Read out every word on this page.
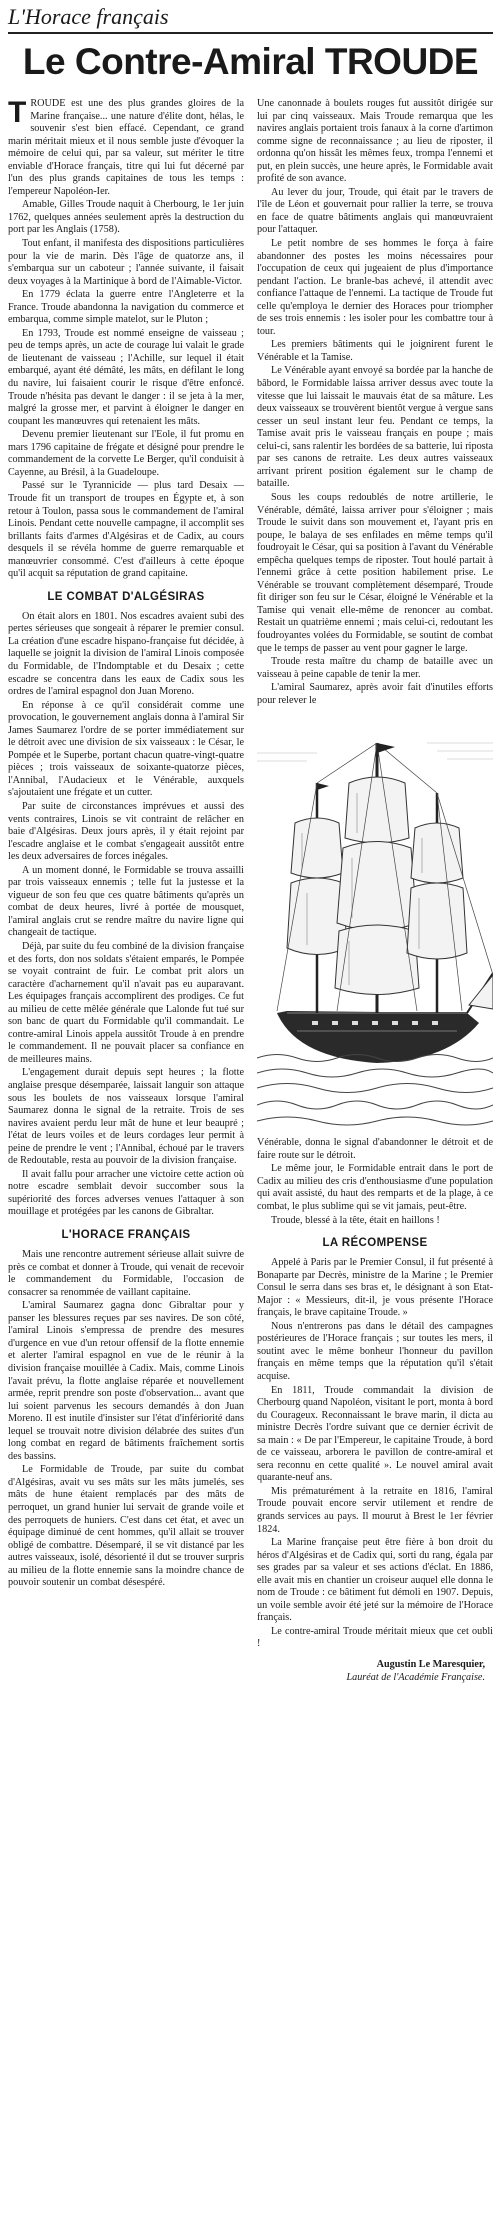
L'Horace français
Le Contre-Amiral TROUDE

TROUDE est une des plus grandes gloires de la Marine française... une nature d'élite dont, hélas, le souvenir s'est bien effacé. Cependant, ce grand marin méritait mieux et il nous semble juste d'évoquer la mémoire de celui qui, par sa valeur, sut mériter le titre enviable d'Horace français, titre qui lui fut décerné par l'un des plus grands capitaines de tous les temps : l'empereur Napoléon-Ier.

Amable, Gilles Troude naquit à Cherbourg, le 1er juin 1762, quelques années seulement après la destruction du port par les Anglais (1758).

Tout enfant, il manifesta des dispositions particulières pour la vie de marin. Dès l'âge de quatorze ans, il s'embarqua sur un caboteur ; l'année suivante, il faisait deux voyages à la Martinique à bord de l'Aimable-Victor.

En 1779 éclata la guerre entre l'Angleterre et la France. Troude abandonna la navigation du commerce et embarqua, comme simple matelot, sur le Pluton ;

En 1793, Troude est nommé enseigne de vaisseau ; peu de temps après, un acte de courage lui valait le grade de lieutenant de vaisseau ; l'Achille, sur lequel il était embarqué, ayant été démâté, les mâts, en défilant le long du navire, lui faisaient courir le risque d'être enfoncé. Troude n'hésita pas devant le danger : il se jeta à la mer, malgré la grosse mer, et parvint à éloigner le danger en coupant les manœuvres qui retenaient les mâts.

Devenu premier lieutenant sur l'Eole, il fut promu en mars 1796 capitaine de frégate et désigné pour prendre le commandement de la corvette Le Berger, qu'il conduisit à Cayenne, au Brésil, à la Guadeloupe.

Passé sur le Tyrannicide — plus tard Desaix — Troude fit un transport de troupes en Égypte et, à son retour à Toulon, passa sous le commandement de l'amiral Linois. Pendant cette nouvelle campagne, il accomplit ses brillants faits d'armes d'Algésiras et de Cadix, au cours desquels il se révéla homme de guerre remarquable et manœuvrier consommé. C'est d'ailleurs à cette époque qu'il acquit sa réputation de grand capitaine.

LE COMBAT D'ALGÉSIRAS

On était alors en 1801. Nos escadres avaient subi des pertes sérieuses que songeait à réparer le premier consul. La création d'une escadre hispano-française fut décidée, à laquelle se joignit la division de l'amiral Linois composée du Formidable, de l'Indomptable et du Desaix ; cette escadre se concentra dans les eaux de Cadix sous les ordres de l'amiral espagnol don Juan Moreno.

En réponse à ce qu'il considérait comme une provocation, le gouvernement anglais donna à l'amiral Sir James Saumarez l'ordre de se porter immédiatement sur le détroit avec une division de six vaisseaux : le César, le Pompée et le Superbe, portant chacun quatre-vingt-quatre pièces ; trois vaisseaux de soixante-quatorze pièces, l'Annibal, l'Audacieux et le Vénérable, auxquels s'ajoutaient une frégate et un cutter.

Par suite de circonstances imprévues et aussi des vents contraires, Linois se vit contraint de relâcher en baie d'Algésiras. Deux jours après, il y était rejoint par l'escadre anglaise et le combat s'engageait aussitôt entre les deux adversaires de forces inégales.

A un moment donné, le Formidable se trouva assailli par trois vaisseaux ennemis ; telle fut la justesse et la vigueur de son feu que ces quatre bâtiments qu'après un combat de deux heures, livré à portée de mousquet, l'amiral anglais crut se rendre maître du navire ligne qui changeait de tactique.

Déjà, par suite du feu combiné de la division française et des forts, don nos soldats s'étaient emparés, le Pompée se voyait contraint de fuir. Le combat prit alors un caractère d'acharnement qu'il n'avait pas eu auparavant. Les équipages français accomplirent des prodiges. Ce fut au milieu de cette mêlée générale que Lalonde fut tué sur son banc de quart du Formidable qu'il commandait. Le contre-amiral Linois appela aussitôt Troude à en prendre le commandement. Il ne pouvait placer sa confiance en de meilleures mains.

L'engagement durait depuis sept heures ; la flotte anglaise presque désemparée, laissait languir son attaque sous les boulets de nos vaisseaux lorsque l'amiral Saumarez donna le signal de la retraite. Trois de ses navires avaient perdu leur mât de hune et leur beaupré ; l'état de leurs voiles et de leurs cordages leur permit à peine de prendre le vent ; l'Annibal, échoué par le travers de Redoutable, resta au pouvoir de la division française.

Il avait fallu pour arracher une victoire cette action où notre escadre semblait devoir succomber sous la supériorité des forces adverses venues l'attaquer à son mouillage et protégées par les canons de Gibraltar.

L'HORACE FRANÇAIS

Mais une rencontre autrement sérieuse allait suivre de près ce combat et donner à Troude, qui venait de recevoir le commandement du Formidable, l'occasion de consacrer sa renommée de vaillant capitaine.

L'amiral Saumarez gagna donc Gibraltar pour y panser les blessures reçues par ses navires. De son côté, l'amiral Linois s'empressa de prendre des mesures d'urgence en vue d'un retour offensif de la flotte ennemie et alerter l'amiral espagnol en vue de le réunir à la division française mouillée à Cadix. Mais, comme Linois l'avait prévu, la flotte anglaise réparée et nouvellement armée, reprit prendre son poste d'observation... avant que lui soient parvenus les secours demandés à don Juan Moreno. Il est inutile d'insister sur l'état d'infériorité dans lequel se trouvait notre division délabrée des suites d'un long combat en regard de bâtiments fraîchement sortis des bassins.

Le Formidable de Troude, par suite du combat d'Algésiras, avait vu ses mâts sur les mâts jumelés, ses mâts de hune étaient remplacés par des mâts de perroquet, un grand hunier lui servait de grande voile et des perroquets de huniers. C'est dans cet état, et avec un équipage diminué de cent hommes, qu'il allait se trouver obligé de combattre. Désemparé, il se vit distancé par les autres vaisseaux, isolé, désorienté il dut se trouver surpris au milieu de la flotte ennemie sans la moindre chance de pouvoir soutenir un combat désespéré.

Une canonnade à boulets rouges fut aussitôt dirigée sur lui par cinq vaisseaux. Mais Troude remarqua que les navires anglais portaient trois fanaux à la corne d'artimon comme signe de reconnaissance ; au lieu de riposter, il ordonna qu'on hissât les mêmes feux, trompa l'ennemi et put, en plein succès, une heure après, le Formidable avait profité de son avance.

Au lever du jour, Troude, qui était par le travers de l'île de Léon et gouvernait pour rallier la terre, se trouva en face de quatre bâtiments anglais qui manœuvraient pour l'attaquer.

Le petit nombre de ses hommes le força à faire abandonner des postes les moins nécessaires pour l'occupation de ceux qui jugeaient de plus d'importance pendant l'action. Le branle-bas achevé, il attendit avec confiance l'attaque de l'ennemi. La tactique de Troude fut celle qu'employa le dernier des Horaces pour triompher de ses trois ennemis : les isoler pour les combattre tour à tour.

Les premiers bâtiments qui le joignirent furent le Vénérable et la Tamise.

Le Vénérable ayant envoyé sa bordée par la hanche de bâbord, le Formidable laissa arriver dessus avec toute la vitesse que lui laissait le mauvais état de sa mâture. Les deux vaisseaux se trouvèrent bientôt vergue à vergue sans cesser un seul instant leur feu. Pendant ce temps, la Tamise avait pris le vaisseau français en poupe ; mais celui-ci, sans ralentir les bordées de sa batterie, lui riposta par ses canons de retraite. Les deux autres vaisseaux arrivant prirent position également sur le champ de bataille.

Sous les coups redoublés de notre artillerie, le Vénérable, démâté, laissa arriver pour s'éloigner ; mais Troude le suivit dans son mouvement et, l'ayant pris en poupe, le balaya de ses enfilades en même temps qu'il foudroyait le César, qui sa position à l'avant du Vénérable empêcha quelques temps de riposter. Tout houlé partait à l'ennemi grâce à cette position habilement prise. Le Vénérable se trouvant complètement désemparé, Troude fit diriger son feu sur le César, éloigné le Vénérable et la Tamise qui venait elle-même de renoncer au combat. Restait un quatrième ennemi ; mais celui-ci, redoutant les foudroyantes volées du Formidable, se soutint de combat que le temps de passer au vent pour gagner le large.

Troude resta maître du champ de bataille avec un vaisseau à peine capable de tenir la mer.

L'amiral Saumarez, après avoir fait d'inutiles efforts pour relever le

Vénérable, donna le signal d'abandonner le détroit et de faire route sur le détroit.

Le même jour, le Formidable entrait dans le port de Cadix au milieu des cris d'enthousiasme d'une population qui avait assisté, du haut des remparts et de la plage, à ce combat, le plus sublime qui se vit jamais, peut-être.

Troude, blessé à la tête, était en haillons !

LA RÉCOMPENSE

Appelé à Paris par le Premier Consul, il fut présenté à Bonaparte par Decrès, ministre de la Marine ; le Premier Consul le serra dans ses bras et, le désignant à son Etat-Major : « Messieurs, dit-il, je vous présente l'Horace français, le brave capitaine Troude. »

Nous n'entrerons pas dans le détail des campagnes postérieures de l'Horace français ; sur toutes les mers, il soutint avec le même bonheur l'honneur du pavillon français en même temps que la réputation qu'il s'était acquise.

En 1811, Troude commandait la division de Cherbourg quand Napoléon, visitant le port, monta à bord du Courageux. Reconnaissant le brave marin, il dicta au ministre Decrès l'ordre suivant que ce dernier écrivit de sa main : « De par l'Empereur, le capitaine Troude, à bord de ce vaisseau, arborera le pavillon de contre-amiral et sera reconnu en cette qualité ». Le nouvel amiral avait quarante-neuf ans.

Mis prématurément à la retraite en 1816, l'amiral Troude pouvait encore servir utilement et rendre de grands services au pays. Il mourut à Brest le 1er février 1824.

La Marine française peut être fière à bon droit du héros d'Algésiras et de Cadix qui, sorti du rang, égala par ses grades par sa valeur et ses actions d'éclat. En 1886, elle avait mis en chantier un croiseur auquel elle donna le nom de Troude : ce bâtiment fut démoli en 1907. Depuis, un voile semble avoir été jeté sur la mémoire de l'Horace français.

Le contre-amiral Troude méritait mieux que cet oubli !

Augustin Le Maresquier,
Lauréat de l'Académie Française.
